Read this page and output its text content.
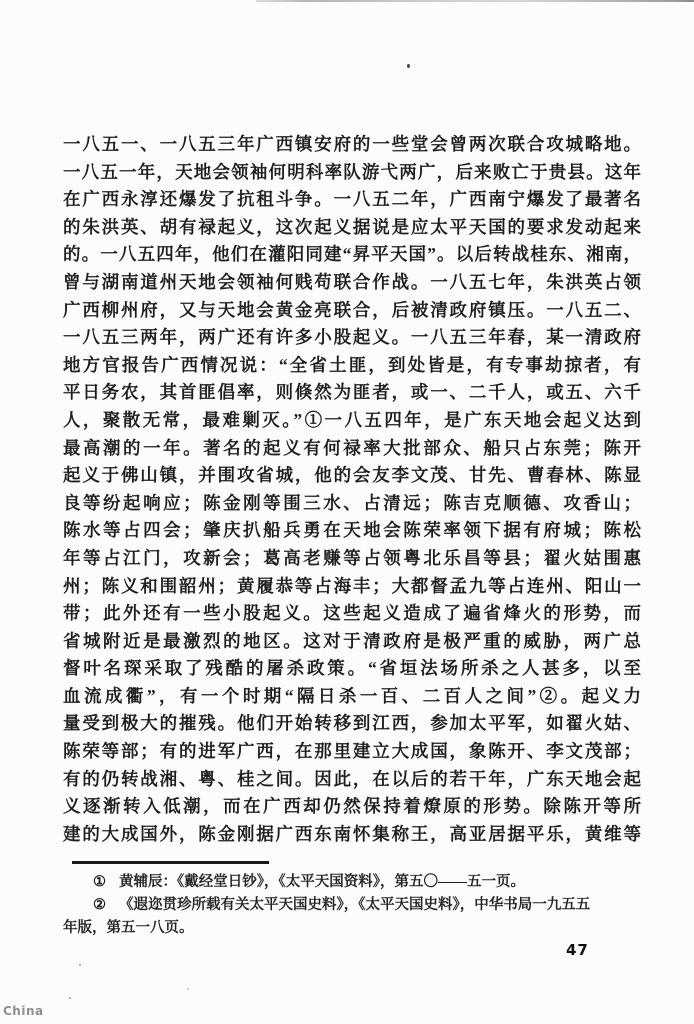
一八五一、一八五三年广西镇安府的一些堂会曾两次联合攻城略地。
一八五一年，天地会领袖何明科率队游弋两广，后来败亡于贵县。这年
在广西永淳还爆发了抗租斗争。一八五二年，广西南宁爆发了最著名
的朱洪英、胡有禄起义，这次起义据说是应太平天国的要求发动起来
的。一八五四年，他们在灌阳同建“昇平天国”。以后转战桂东、湘南，
曾与湖南道州天地会领袖何贱苟联合作战。一八五七年，朱洪英占领
广西柳州府，又与天地会黄金亮联合，后被清政府镇压。一八五二、
一八五三两年，两广还有许多小股起义。一八五三年春，某一清政府
地方官报告广西情况说：“全省土匪，到处皆是，有专事劫掠者，有
平日务农，其首匪倡率，则倏然为匪者，或一、二千人，或五、六千
人，聚散无常，最难剿灭。”①一八五四年，是广东天地会起义达到
最高潮的一年。著名的起义有何禄率大批部众、船只占东莞；陈开
起义于佛山镇，并围攻省城，他的会友李文茂、甘先、曹春林、陈显
良等纷起响应；陈金刚等围三水、占清远；陈吉克顺德、攻香山；
陈水等占四会；肇庆扒船兵勇在天地会陈荣率领下据有府城；陈松
年等占江门，攻新会；葛高老赚等占领粤北乐昌等县；翟火姑围惠
州；陈义和围韶州；黄履恭等占海丰；大都督孟九等占连州、阳山一
带；此外还有一些小股起义。这些起义造成了遍省烽火的形势，而
省城附近是最激烈的地区。这对于清政府是极严重的威胁，两广总
督叶名琛采取了残酷的屠杀政策。“省垣法场所杀之人甚多，以至
血流成衢”，有一个时期“隔日杀一百、二百人之间”②。起义力
量受到极大的摧残。他们开始转移到江西，参加太平军，如翟火姑、
陈荣等部；有的进军广西，在那里建立大成国，象陈开、李文茂部；
有的仍转战湘、粤、桂之间。因此，在以后的若干年，广东天地会起
义逐渐转入低潮，而在广西却仍然保持着燎原的形势。除陈开等所
建的大成国外，陈金刚据广西东南怀集称王，高亚居据平乐，黄维等
① 黄辅辰：《戴经堂日钞》，《太平天国资料》，第五〇——五一页。
② 《遐迩贯珍所载有关太平天国史料》，《太平天国史料》，中华书局一九五五
年版，第五一八页。
47
China
